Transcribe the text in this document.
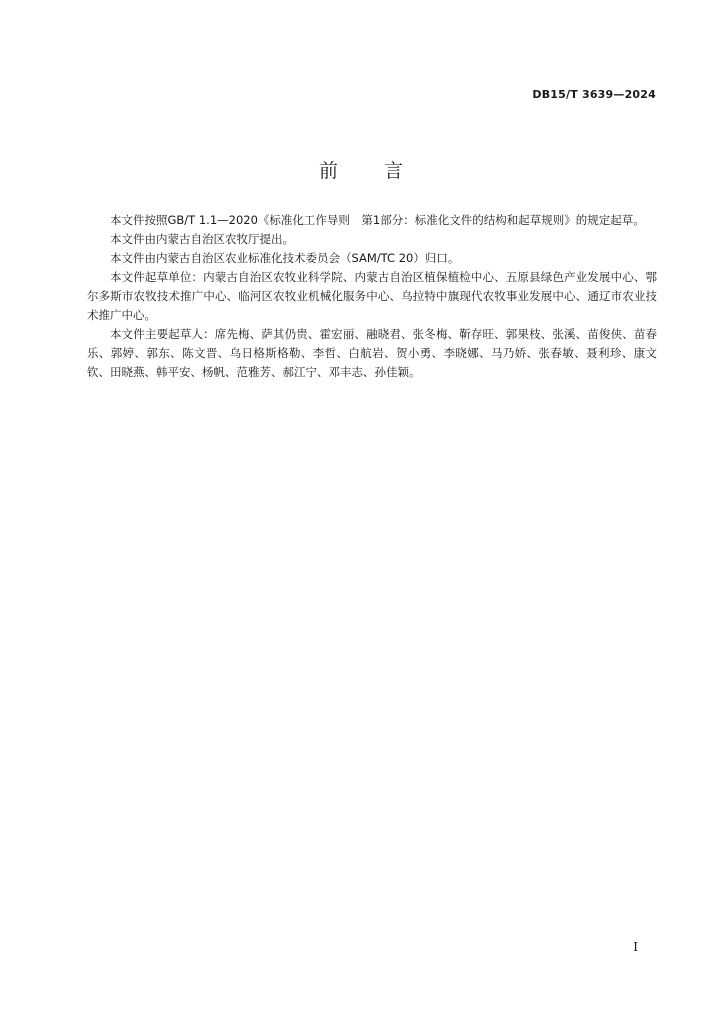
DB15/T 3639—2024
前 言

本文件按照GB/T 1.1—2020《标准化工作导则　第1部分：标准化文件的结构和起草规则》的规定起草。

本文件由内蒙古自治区农牧厅提出。

本文件由内蒙古自治区农业标准化技术委员会（SAM/TC 20）归口。

本文件起草单位：内蒙古自治区农牧业科学院、内蒙古自治区植保植检中心、五原县绿色产业发展中心、鄂尔多斯市农牧技术推广中心、临河区农牧业机械化服务中心、乌拉特中旗现代农牧事业发展中心、通辽市农业技术推广中心。

本文件主要起草人：席先梅、萨其仍贵、霍宏丽、融晓君、张冬梅、靳存旺、郭果枝、张溪、苗俊侠、苗春乐、郭婷、郭东、陈文晋、乌日格斯格勒、李哲、白航岩、贺小勇、李晓娜、马乃娇、张春敏、聂利珍、康文钦、田晓燕、韩平安、杨帆、范雅芳、郝江宁、邓丰志、孙佳颖。

I
